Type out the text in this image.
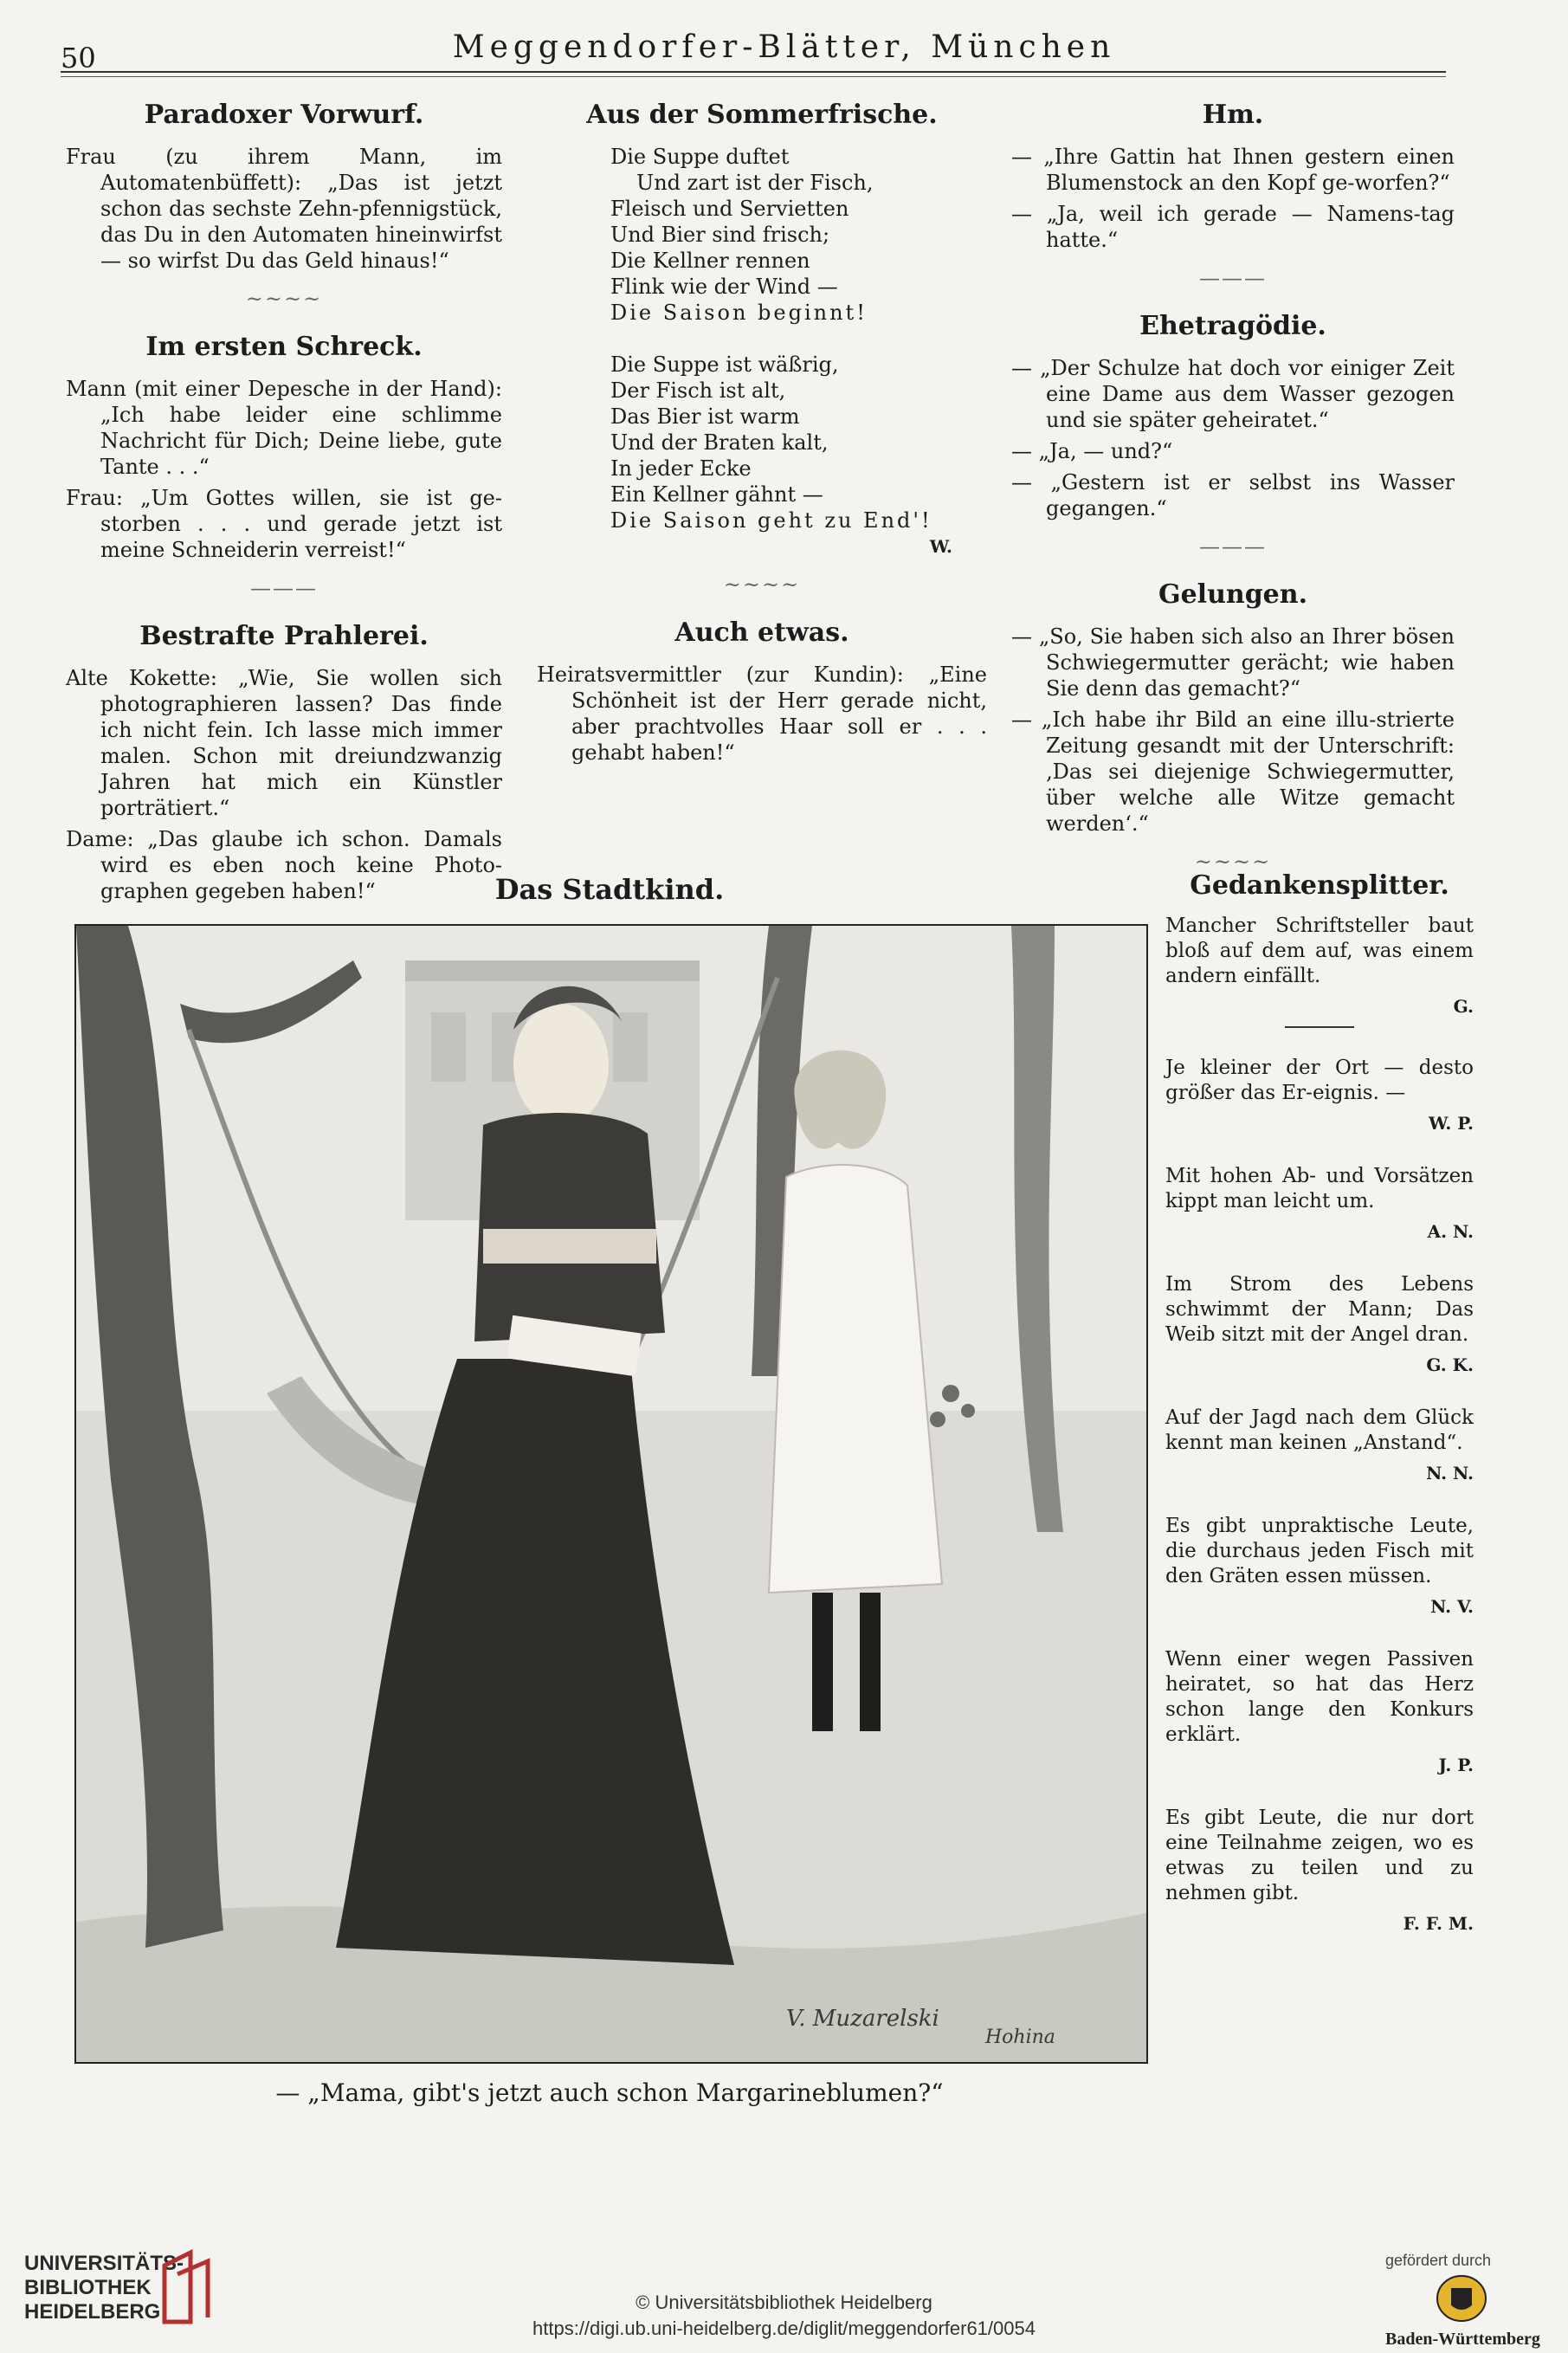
50	Meggendorfer-Blätter, München
Paradoxer Vorwurf.
Frau (zu ihrem Mann, im Automatenbüffett): „Das ist jetzt schon das sechste Zehn-pfennigstück, das Du in den Automaten hineinwirfst — so wirfst Du das Geld hinaus!“
~~~~
Im ersten Schreck.
Mann (mit einer Depesche in der Hand): „Ich habe leider eine schlimme Nachricht für Dich; Deine liebe, gute Tante . . .“
Frau: „Um Gottes willen, sie ist ge-storben . . . und gerade jetzt ist meine Schneiderin verreist!“
———
Bestrafte Prahlerei.
Alte Kokette: „Wie, Sie wollen sich photographieren lassen? Das finde ich nicht fein. Ich lasse mich immer malen. Schon mit dreiundzwanzig Jahren hat mich ein Künstler porträtiert.“
Dame: „Das glaube ich schon. Damals wird es eben noch keine Photo-graphen gegeben haben!“
Aus der Sommerfrische.
Die Suppe duftet
Und zart ist der Fisch,
Fleisch und Servietten
Und Bier sind frisch;
Die Kellner rennen
Flink wie der Wind —
Die Saison beginnt!
Die Suppe ist wäßrig,
Der Fisch ist alt,
Das Bier ist warm
Und der Braten kalt,
In jeder Ecke
Ein Kellner gähnt —
Die Saison geht zu End'!
W.
~~~~
Auch etwas.
Heiratsvermittler (zur Kundin): „Eine Schönheit ist der Herr gerade nicht, aber prachtvolles Haar soll er . . . gehabt haben!“
Hm.
— „Ihre Gattin hat Ihnen gestern einen Blumenstock an den Kopf ge-worfen?“
— „Ja, weil ich gerade — Namens-tag hatte.“
———
Ehetragödie.
— „Der Schulze hat doch vor einiger Zeit eine Dame aus dem Wasser gezogen und sie später geheiratet.“
— „Ja, — und?“
— „Gestern ist er selbst ins Wasser gegangen.“
———
Gelungen.
— „So, Sie haben sich also an Ihrer bösen Schwiegermutter gerächt; wie haben Sie denn das gemacht?“
— „Ich habe ihr Bild an eine illu-strierte Zeitung gesandt mit der Unterschrift: ‚Das sei diejenige Schwiegermutter, über welche alle Witze gemacht werden‘.“
~~~~
Gedankensplitter.
Mancher Schriftsteller baut bloß auf dem auf, was einem andern einfällt.
G.
Je kleiner der Ort — desto größer das Er-eignis. —
W. P.
Mit hohen Ab- und Vorsätzen kippt man leicht um.
A. N.
Im Strom des Lebens schwimmt der Mann; Das Weib sitzt mit der Angel dran.
G. K.
Auf der Jagd nach dem Glück kennt man keinen „Anstand“.
N. N.
Es gibt unpraktische Leute, die durchaus jeden Fisch mit den Gräten essen müssen.
N. V.
Wenn einer wegen Passiven heiratet, so hat das Herz schon lange den Konkurs erklärt.
J. P.
Es gibt Leute, die nur dort eine Teilnahme zeigen, wo es etwas zu teilen und zu nehmen gibt.
F. F. M.
Das Stadtkind.
V. Muzarelski
Hohina
— „Mama, gibt's jetzt auch schon Margarineblumen?“
UNIVERSITÄTS-
BIBLIOTHEK
HEIDELBERG	© Universitätsbibliothek Heidelberg
https://digi.ub.uni-heidelberg.de/diglit/meggendorfer61/0054
gefördert durch
Baden-Württemberg
